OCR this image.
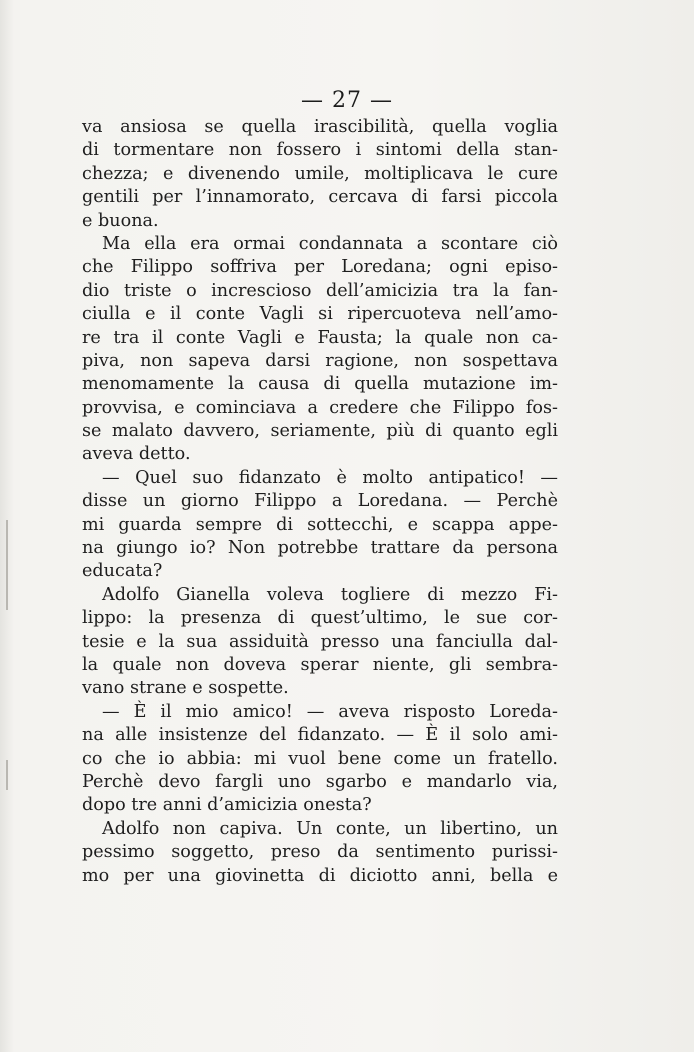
— 27 —
va ansiosa se quella irascibilità, quella voglia
di tormentare non fossero i sintomi della stan-
chezza; e divenendo umile, moltiplicava le cure
gentili per l’innamorato, cercava di farsi piccola
e buona.
Ma ella era ormai condannata a scontare ciò
che Filippo soffriva per Loredana; ogni episo-
dio triste o increscioso dell’amicizia tra la fan-
ciulla e il conte Vagli si ripercuoteva nell’amo-
re tra il conte Vagli e Fausta; la quale non ca-
piva, non sapeva darsi ragione, non sospettava
menomamente la causa di quella mutazione im-
provvisa, e cominciava a credere che Filippo fos-
se malato davvero, seriamente, più di quanto egli
aveva detto.
— Quel suo fidanzato è molto antipatico! —
disse un giorno Filippo a Loredana. — Perchè
mi guarda sempre di sottecchi, e scappa appe-
na giungo io? Non potrebbe trattare da persona
educata?
Adolfo Gianella voleva togliere di mezzo Fi-
lippo: la presenza di quest’ultimo, le sue cor-
tesie e la sua assiduità presso una fanciulla dal-
la quale non doveva sperar niente, gli sembra-
vano strane e sospette.
— È il mio amico! — aveva risposto Loreda-
na alle insistenze del fidanzato. — È il solo ami-
co che io abbia: mi vuol bene come un fratello.
Perchè devo fargli uno sgarbo e mandarlo via,
dopo tre anni d’amicizia onesta?
Adolfo non capiva. Un conte, un libertino, un
pessimo soggetto, preso da sentimento purissi-
mo per una giovinetta di diciotto anni, bella e
